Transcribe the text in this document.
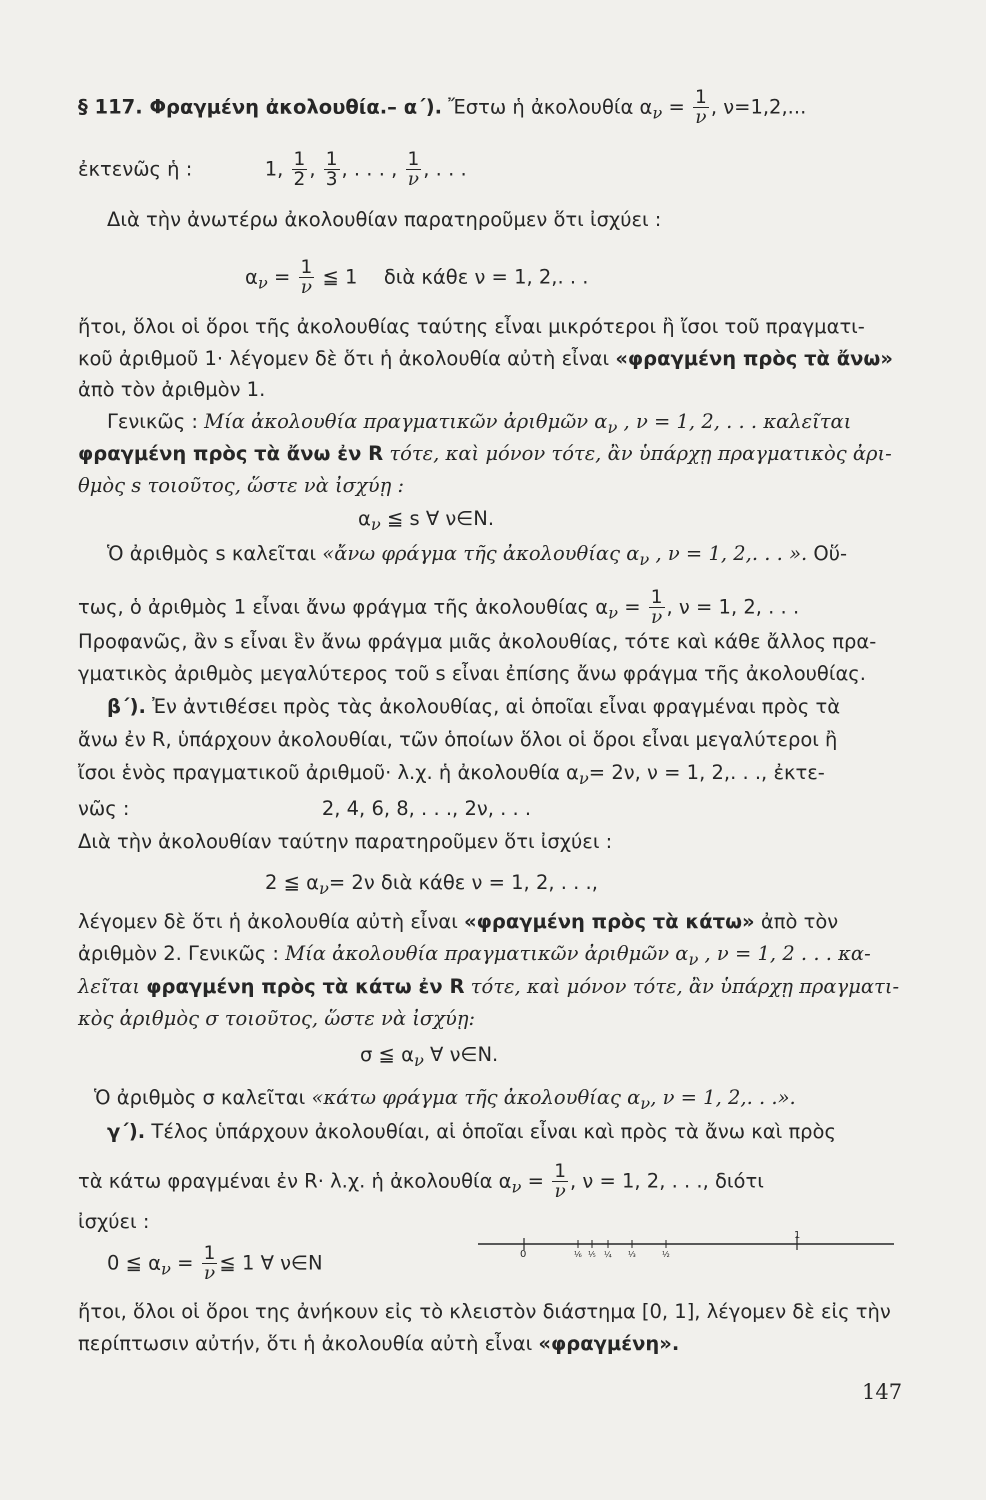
§ 117. Φραγμένη ἀκολουθία.– α΄). Ἔστω ἡ ἀκολουθία $\alpha_\nu = \frac{1}{\nu}$ , ν=1,2,...
ἐκτενῶς ἡ :	1, $\frac{1}{2}$ , $\frac{1}{3}$ , . . . , $\frac{1}{\nu}$ , . . .
Διὰ τὴν ἀνωτέρω ἀκολουθίαν παρατηροῦμεν ὅτι ἰσχύει :
$\alpha_\nu = \frac{1}{\nu}$ ≦ 1 διὰ κάθε ν = 1, 2,. . .
ἤτοι, ὅλοι οἱ ὅροι τῆς ἀκολουθίας ταύτης εἶναι μικρότεροι ἢ ἴσοι τοῦ πραγματι-
κοῦ ἀριθμοῦ 1· λέγομεν δὲ ὅτι ἡ ἀκολουθία αὐτὴ εἶναι «φραγμένη πρὸς τὰ ἄνω»
ἀπὸ τὸν ἀριθμὸν 1.
Γενικῶς : Μία ἀκολουθία πραγματικῶν ἀριθμῶν $\alpha_\nu$ , ν = 1, 2, . . . καλεῖται
φραγμένη πρὸς τὰ ἄνω ἐν R τότε, καὶ μόνον τότε, ἂν ὑπάρχῃ πραγματικὸς ἀρι-
θμὸς s τοιοῦτος, ὥστε νὰ ἰσχύῃ :
$\alpha_\nu$ ≦ s ∀ ν∈N.
Ὁ ἀριθμὸς s καλεῖται «ἄνω φράγμα τῆς ἀκολουθίας $\alpha_\nu$ , ν = 1, 2,. . . ». Οὕ-
τως, ὁ ἀριθμὸς 1 εἶναι ἄνω φράγμα τῆς ἀκολουθίας $\alpha_\nu = \frac{1}{\nu}$ , ν = 1, 2, . . .
Προφανῶς, ἂν s εἶναι ἓν ἄνω φράγμα μιᾶς ἀκολουθίας, τότε καὶ κάθε ἄλλος πρα-
γματικὸς ἀριθμὸς μεγαλύτερος τοῦ s εἶναι ἐπίσης ἄνω φράγμα τῆς ἀκολουθίας.
β΄). Ἐν ἀντιθέσει πρὸς τὰς ἀκολουθίας, αἱ ὁποῖαι εἶναι φραγμέναι πρὸς τὰ
ἄνω ἐν R, ὑπάρχουν ἀκολουθίαι, τῶν ὁποίων ὅλοι οἱ ὅροι εἶναι μεγαλύτεροι ἢ
ἴσοι ἑνὸς πραγματικοῦ ἀριθμοῦ· λ.χ. ἡ ἀκολουθία $\alpha_\nu= 2\nu$, ν = 1, 2,. . ., ἐκτε-
νῶς :	2, 4, 6, 8, . . ., 2ν, . . .
Διὰ τὴν ἀκολουθίαν ταύτην παρατηροῦμεν ὅτι ἰσχύει :
2 ≦ $\alpha_\nu= 2\nu$ διὰ κάθε ν = 1, 2, . . .,
λέγομεν δὲ ὅτι ἡ ἀκολουθία αὐτὴ εἶναι «φραγμένη πρὸς τὰ κάτω» ἀπὸ τὸν
ἀριθμὸν 2. Γενικῶς : Μία ἀκολουθία πραγματικῶν ἀριθμῶν $\alpha_\nu$ , ν = 1, 2 . . . κα-
λεῖται φραγμένη πρὸς τὰ κάτω ἐν R τότε, καὶ μόνον τότε, ἂν ὑπάρχῃ πραγματι-
κὸς ἀριθμὸς σ τοιοῦτος, ὥστε νὰ ἰσχύῃ:
σ ≦ $\alpha_\nu$ ∀ ν∈N.
Ὁ ἀριθμὸς σ καλεῖται «κάτω φράγμα τῆς ἀκολουθίας $\alpha_\nu$, ν = 1, 2,. . .».
γ΄). Τέλος ὑπάρχουν ἀκολουθίαι, αἱ ὁποῖαι εἶναι καὶ πρὸς τὰ ἄνω καὶ πρὸς
τὰ κάτω φραγμέναι ἐν R· λ.χ. ἡ ἀκολουθία $\alpha_\nu = \frac{1}{\nu}$ , ν = 1, 2, . . ., διότι
ἰσχύει :
0 ≦ $\alpha_\nu = \frac{1}{\nu}$ ≦ 1 ∀ ν∈N	0	⅙ ⅕ ¼ ⅓	½
1
ἤτοι, ὅλοι οἱ ὅροι της ἀνήκουν εἰς τὸ κλειστὸν διάστημα [0, 1], λέγομεν δὲ εἰς τὴν
περίπτωσιν αὐτήν, ὅτι ἡ ἀκολουθία αὐτὴ εἶναι «φραγμένη».
147
